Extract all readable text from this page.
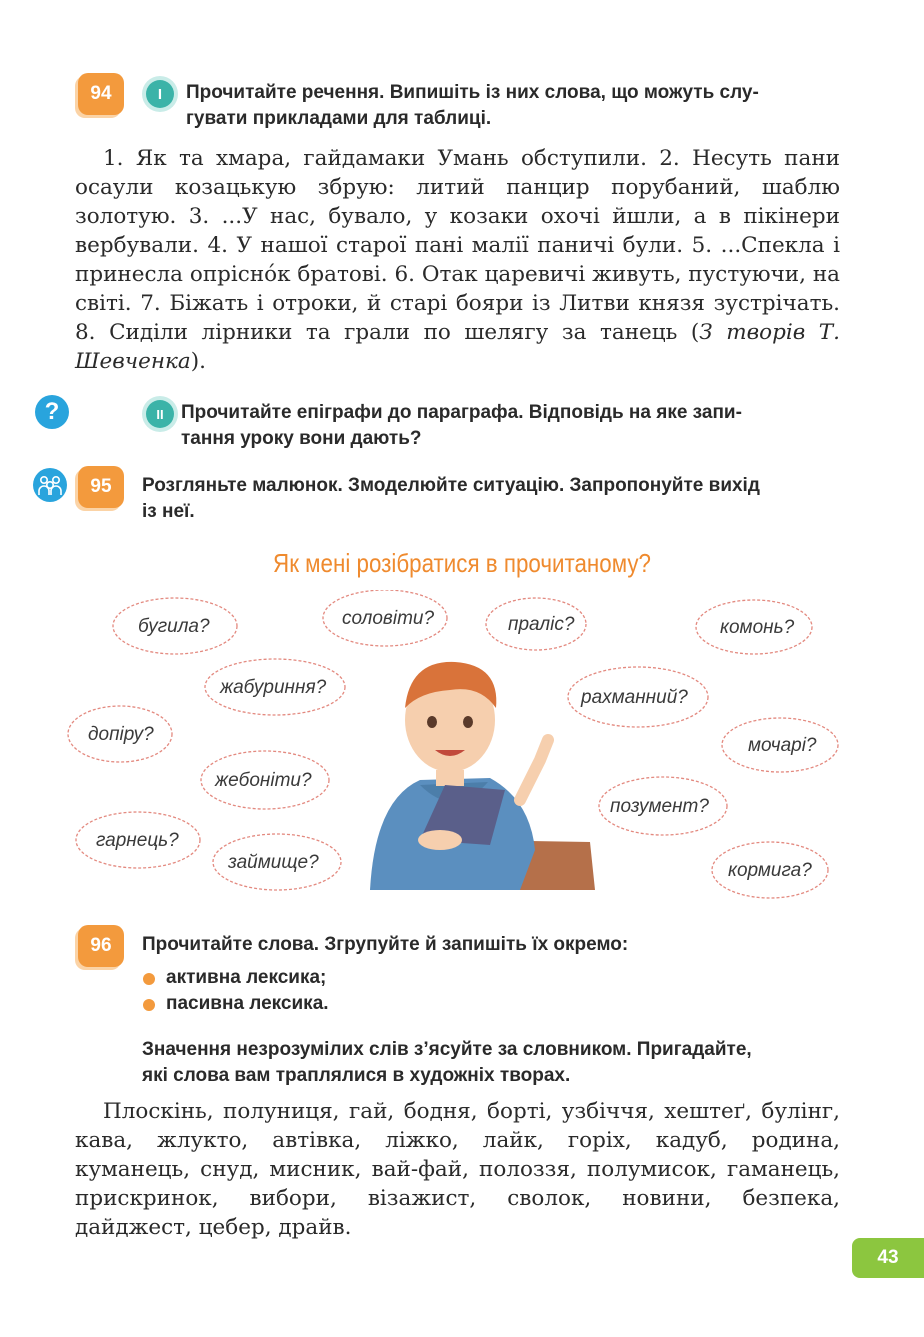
94	I	Прочитайте речення. Випишіть із них слова, що можуть слу-
гувати прикладами для таблиці.
1. Як та хмара, гайдамаки Умань обступили. 2. Несуть пани осаули козацькую збрую: литий панцир порубаний, шаблю золотую. 3. ...У нас, бувало, у козаки охочі йшли, а в пікінери вербували. 4. У нашої старої пані малії паничі були. 5. ...Спекла і принесла опрісно́к братові. 6. Отак царевичі живуть, пустуючи, на світі. 7. Біжать і отроки, й старі бояри із Литви князя зустрічать. 8. Сиділи лірники та грали по шелягу за танець (З творів Т. Шевченка).
?	II Прочитайте епіграфи до параграфа. Відповідь на яке запи-
тання уроку вони дають?
95	Розгляньте малюнок. Змоделюйте ситуацію. Запропонуйте вихід
із неї.
Як мені розібратися в прочитаному?
бугила?	соловіти?	праліс?	комонь?
жабуриння?	рахманний?
допіру?
мочарі?
жебоніти?
позумент?
гарнець?
займище?	кормига?
96	Прочитайте слова. Згрупуйте й запишіть їх окремо:
активна лексика;
пасивна лексика.
Значення незрозумілих слів з’ясуйте за словником. Пригадайте,
які слова вам траплялися в художніх творах.
Плоскінь, полуниця, гай, бодня, борті, узбіччя, хештеґ, булінг, кава, жлукто, автівка, ліжко, лайк, горіх, кадуб, родина, куманець, снуд, мисник, вай-фай, полоззя, полумисок, гаманець, прискринок, вибори, візажист, сволок, новини, безпека, дайджест, цебер, драйв.
43
